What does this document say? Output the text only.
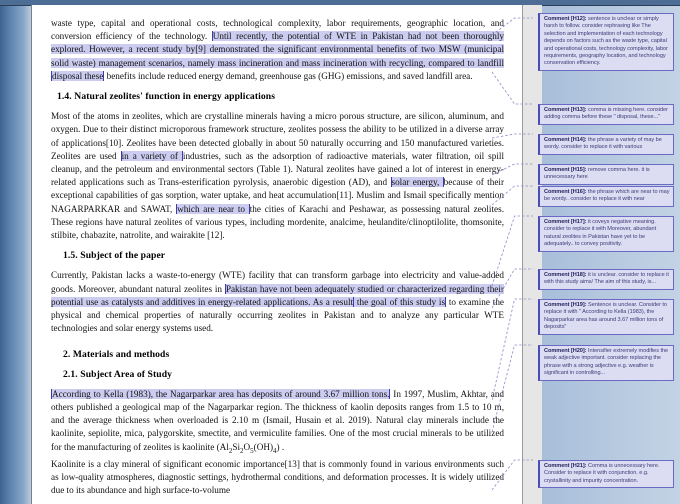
waste type, capital and operational costs, technological complexity, labor requirements, geographic location, and conversion efficiency of the technology. Until recently, the potential of WTE in Pakistan had not been thoroughly explored. However, a recent study by[9] demonstrated the significant environmental benefits of two MSW (municipal solid waste) management scenarios, namely mass incineration and mass incineration with recycling, compared to landfill disposal these benefits include reduced energy demand, greenhouse gas (GHG) emissions, and saved landfill area.

1.4. Natural zeolites' function in energy applications

Most of the atoms in zeolites, which are crystalline minerals having a micro porous structure, are silicon, aluminum, and oxygen. Due to their distinct microporous framework structure, zeolites possess the ability to be utilized in a diverse array of applications[10]. Zeolites have been detected globally in about 50 naturally occurring and 150 manufactured varieties. Zeolites are used in a variety of industries, such as the adsorption of radioactive materials, water filtration, oil spill cleanup, and the petroleum and environmental sectors (Table 1). Natural zeolites have gained a lot of interest in energy-related applications such as Trans-esterification pyrolysis, anaerobic digestion (AD), and solar energy, because of their exceptional capabilities of gas sorption, water uptake, and heat accumulation[11]. Muslim and Ismail specifically mention NAGARPARKAR and SAWAT, which are near to the cities of Karachi and Peshawar, as possessing natural zeolites. These regions have natural zeolites of various types, including mordenite, analcime, heulandite/clinoptilolite, thomsonite, stilbite, chabazite, natrolite, and wairakite [12].

1.5. Subject of the paper

Currently, Pakistan lacks a waste-to-energy (WTE) facility that can transform garbage into electricity and value-added goods. Moreover, abundant natural zeolites in Pakistan have not been adequately studied or characterized regarding their potential use as catalysts and additives in energy-related applications. As a result the goal of this study is to examine the physical and chemical properties of naturally occurring zeolites in Pakistan and to analyze any particular WTE technologies and solar energy systems used.

2. Materials and methods
2.1. Subject Area of Study

According to Kella (1983), the Nagarparkar area has deposits of around 3.67 million tons. In 1997, Muslim, Akhtar, and others published a geological map of the Nagarparkar region. The thickness of kaolin deposits ranges from 1.5 to 10 m, and the average thickness when overloaded is 2.10 m (Ismail, Husain et al. 2019). Natural clay minerals include the kaolinite, sepiolite, mica, palygorskite, smectite, and vermiculite families. One of the most crucial minerals to be utilized for the manufacturing of zeolites is kaolinite $(Al_2Si_2O_5(OH)_4)$ .

Kaolinite is a clay mineral of significant economic importance[13] that is commonly found in various environments such as low-quality atmospheres, diagnostic settings, hydrothermal conditions, and deformation processes. It is widely utilized due to its abundance and high surface-to-volume

Comment [H12]: sentence is unclear or simply harsh to follow. consider rephrasing like The selection and implementation of each technology depends on factors such as the waste type, capital and operational costs, technology complexity, labor requirements, geography location, and technology conservation efficiency.
Comment [H13]: comma is missing here. consider adding comma before these " disposal, these..."
Comment [H14]: the phrase a variety of may be wordy. consider to replace it with various
Comment [H15]: remove comma here. it is unnecessary here
Comment [H16]: the phrase which are near to may be wordy.. consider to replace it with near
Comment [H17]: it coveys negative meaning. consider to replace it with Moreover, abundant natural zeolites in Pakistan have yet to be adequately.. to convey positivity.
Comment [H18]: it is unclear. consider to replace it with this study aims/ The aim of this study, is...
Comment [H19]: Sentence is unclear. Consider to replace it with " According to Kella (1983), the Nagarparkar area has around 3.67 million tons of deposits"
Comment [H20]: Intensifier extremely modifies the weak adjective important. consider replacing the phrase with a strong adjective e.g. weather is significant in controlling...
Comment [H21]: Comma is unnecessary here. Consider to replace it with conjunction. e.g. crystallinity and impurity concentration.
